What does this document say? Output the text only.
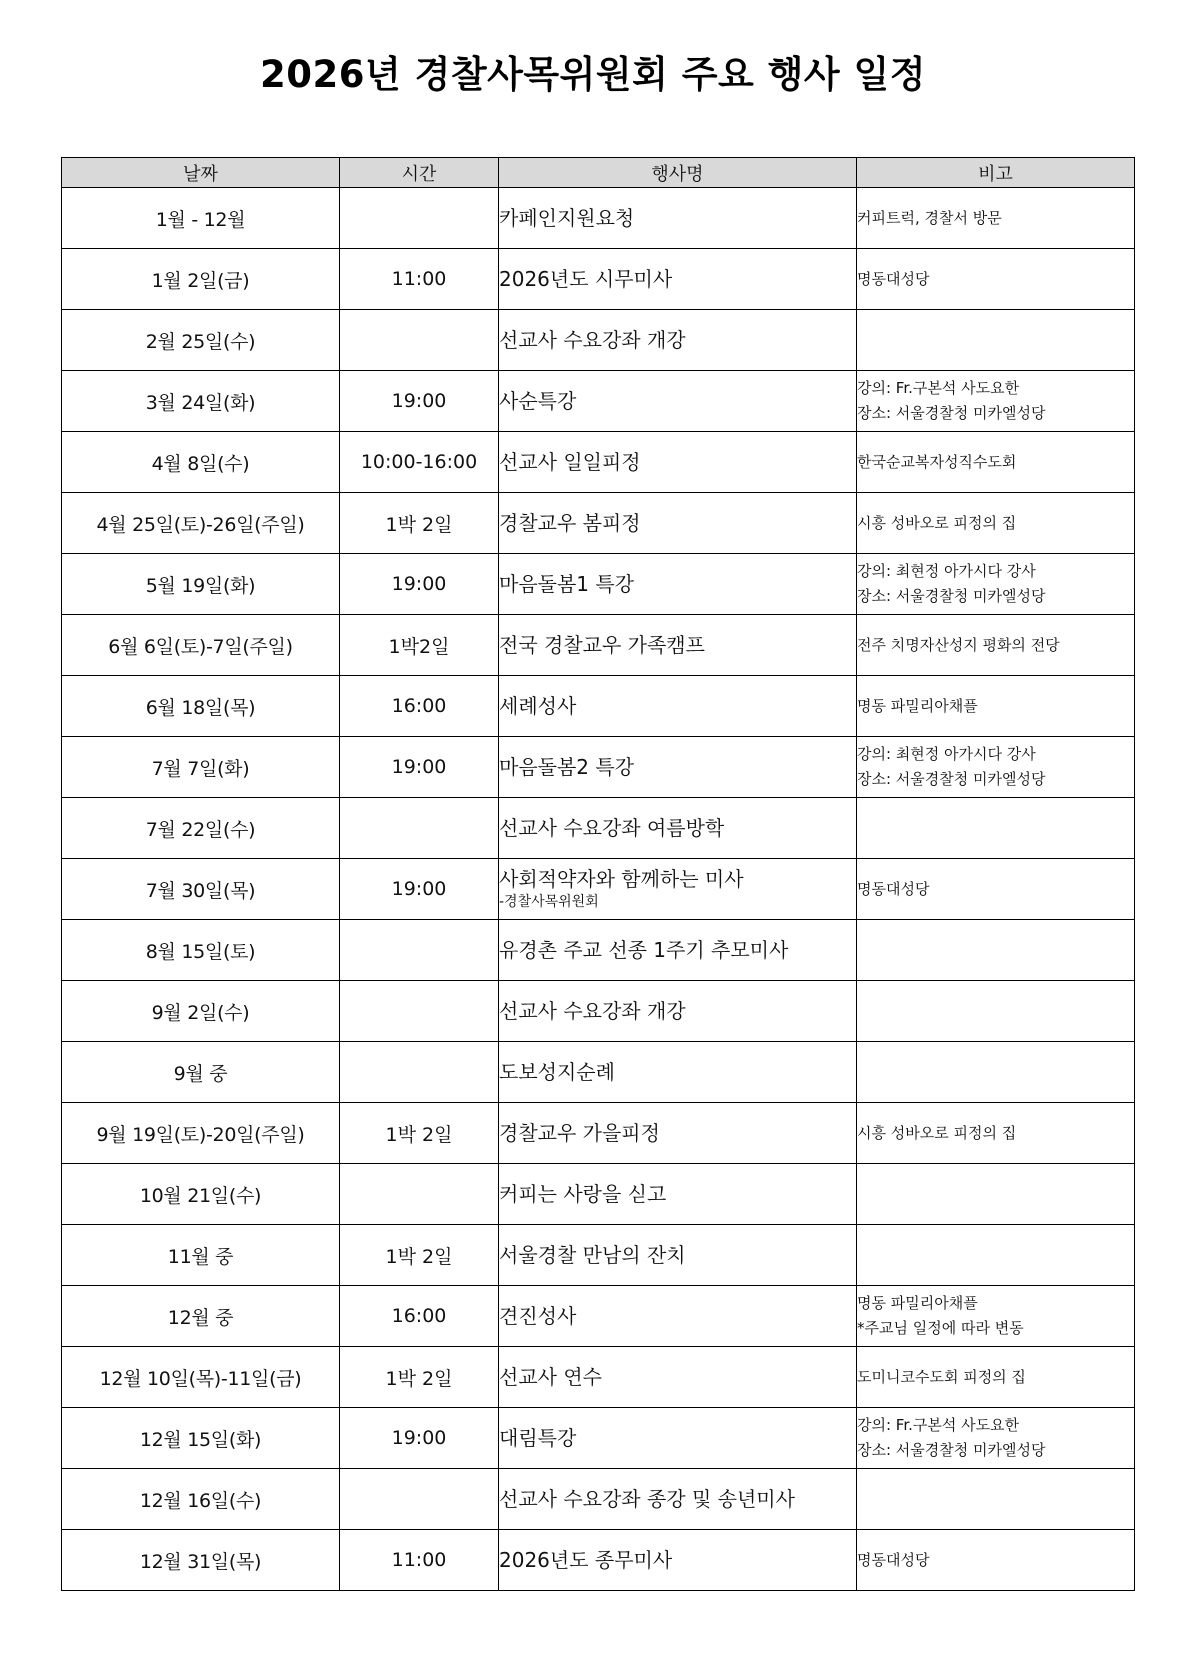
2026년 경찰사목위원회 주요 행사 일정
날짜	시간	행사명	비고
1월 - 12월		카페인지원요청	커피트럭, 경찰서 방문

1월 2일(금)	11:00	2026년도 시무미사	명동대성당

2월 25일(수)		선교사 수요강좌 개강	

3월 24일(화)	19:00	사순특강	강의: Fr.구본석 사도요한
장소: 서울경찰청 미카엘성당

4월 8일(수)	10:00-16:00	선교사 일일피정	한국순교복자성직수도회

4월 25일(토)-26일(주일)	1박 2일	경찰교우 봄피정	시흥 성바오로 피정의 집

5월 19일(화)	19:00	마음돌봄1 특강	강의: 최현정 아가시다 강사
장소: 서울경찰청 미카엘성당

6월 6일(토)-7일(주일)	1박2일	전국 경찰교우 가족캠프	전주 치명자산성지 평화의 전당

6월 18일(목)	16:00	세례성사	명동 파밀리아채플

7월 7일(화)	19:00	마음돌봄2 특강	강의: 최현정 아가시다 강사
장소: 서울경찰청 미카엘성당

7월 22일(수)		선교사 수요강좌 여름방학	

7월 30일(목)	19:00	사회적약자와 함께하는 미사
-경찰사목위원회	명동대성당

8월 15일(토)		유경촌 주교 선종 1주기 추모미사	

9월 2일(수)		선교사 수요강좌 개강	

9월 중		도보성지순례	

9월 19일(토)-20일(주일)	1박 2일	경찰교우 가을피정	시흥 성바오로 피정의 집

10월 21일(수)		커피는 사랑을 싣고	

11월 중	1박 2일	서울경찰 만남의 잔치	

12월 중	16:00	견진성사	명동 파밀리아채플
*주교님 일정에 따라 변동

12월 10일(목)-11일(금)	1박 2일	선교사 연수	도미니코수도회 피정의 집

12월 15일(화)	19:00	대림특강	강의: Fr.구본석 사도요한
장소: 서울경찰청 미카엘성당

12월 16일(수)		선교사 수요강좌 종강 및 송년미사	

12월 31일(목)	11:00	2026년도 종무미사	명동대성당
